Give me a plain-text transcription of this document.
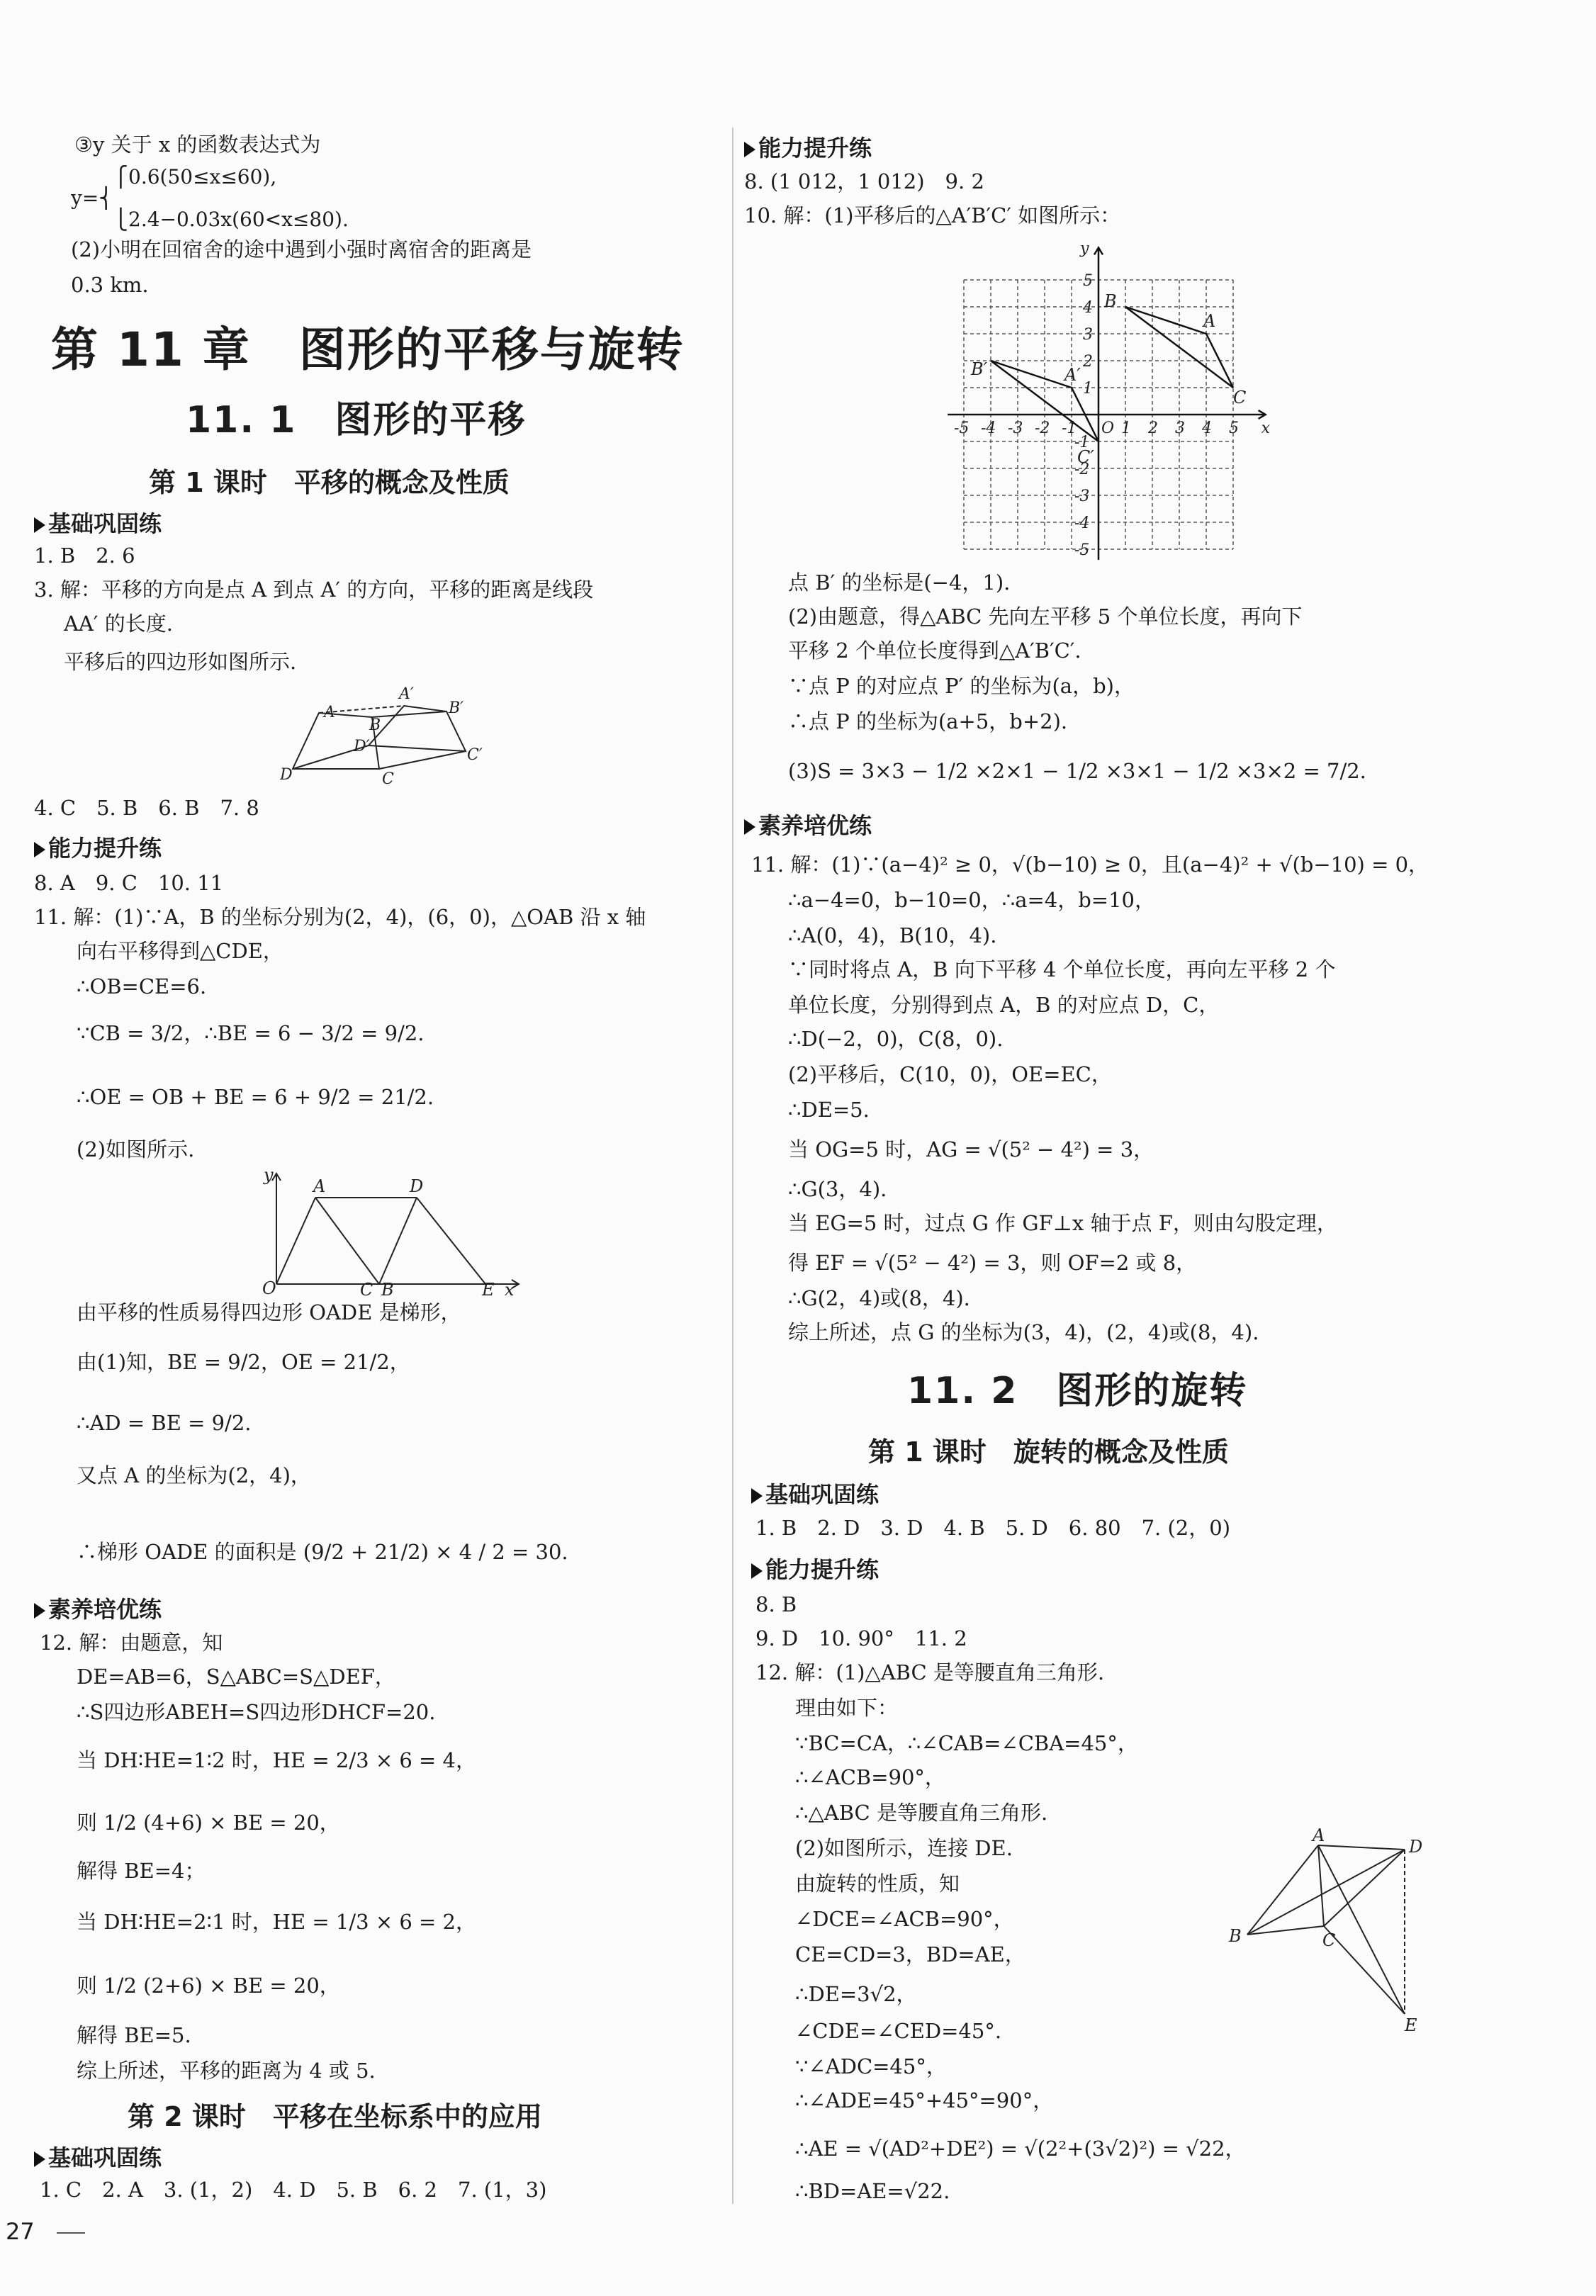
③y 关于 x 的函数表达式为
⎧0.6(50≤x≤60),
y=⎨
⎩2.4−0.03x(60<x≤80).
(2)小明在回宿舍的途中遇到小强时离宿舍的距离是
0.3 km.
第 11 章　图形的平移与旋转
11. 1　图形的平移
第 1 课时　平移的概念及性质
基础巩固练
1. B　2. 6
3. 解：平移的方向是点 A 到点 A′ 的方向，平移的距离是线段
AA′ 的长度.
平移后的四边形如图所示.
A′
A
B
B′
D
D′
C
C′
4. C　5. B　6. B　7. 8
能力提升练
8. A　9. C　10. 11
11. 解：(1)∵A，B 的坐标分别为(2，4)，(6，0)，△OAB 沿 x 轴
向右平移得到△CDE，
∴OB=CE=6.
∵CB = 3/2，∴BE = 6 − 3/2 = 9/2.
∴OE = OB + BE = 6 + 9/2 = 21/2.
(2)如图所示.
y
A	D
O	C B	E x
由平移的性质易得四边形 OADE 是梯形，
由(1)知，BE = 9/2，OE = 21/2，
∴AD = BE = 9/2.
又点 A 的坐标为(2，4)，
∴梯形 OADE 的面积是 (9/2 + 21/2) × 4 / 2 = 30.
素养培优练
12. 解：由题意，知
DE=AB=6，S△ABC=S△DEF，
∴S四边形ABEH=S四边形DHCF=20.
当 DH∶HE=1∶2 时，HE = 2/3 × 6 = 4，
则 1/2 (4+6) × BE = 20，
解得 BE=4；
当 DH∶HE=2∶1 时，HE = 1/3 × 6 = 2，
则 1/2 (2+6) × BE = 20，
解得 BE=5.
综上所述，平移的距离为 4 或 5.
第 2 课时　平移在坐标系中的应用
基础巩固练
1. C　2. A　3. (1，2)　4. D　5. B　6. 2　7. (1，3)
27
能力提升练
8. (1 012，1 012)　9. 2
10. 解：(1)平移后的△A′B′C′ 如图所示：
-5 -4 -3 -2 -1	1 2 3 4 5
5
4
3
2
1
-1
-2
-3
-4
-5
y
x
O
A
B
C
A′
B′
C′
点 B′ 的坐标是(−4，1).
(2)由题意，得△ABC 先向左平移 5 个单位长度，再向下
平移 2 个单位长度得到△A′B′C′.
∵点 P 的对应点 P′ 的坐标为(a，b)，
∴点 P 的坐标为(a+5，b+2).
(3)S = 3×3 − 1/2 ×2×1 − 1/2 ×3×1 − 1/2 ×3×2 = 7/2.
素养培优练
11. 解：(1)∵(a−4)² ≥ 0，√(b−10) ≥ 0，且(a−4)² + √(b−10) = 0，
∴a−4=0，b−10=0，∴a=4，b=10，
∴A(0，4)，B(10，4).
∵同时将点 A，B 向下平移 4 个单位长度，再向左平移 2 个
单位长度，分别得到点 A，B 的对应点 D，C，
∴D(−2，0)，C(8，0).
(2)平移后，C(10，0)，OE=EC，
∴DE=5.
当 OG=5 时，AG = √(5² − 4²) = 3，
∴G(3，4).
当 EG=5 时，过点 G 作 GF⊥x 轴于点 F，则由勾股定理，
得 EF = √(5² − 4²) = 3，则 OF=2 或 8，
∴G(2，4)或(8，4).
综上所述，点 G 的坐标为(3，4)，(2，4)或(8，4).
11. 2　图形的旋转
第 1 课时　旋转的概念及性质
基础巩固练
1. B　2. D　3. D　4. B　5. D　6. 80　7. (2，0)
能力提升练
8. B
9. D　10. 90°　11. 2
12. 解：(1)△ABC 是等腰直角三角形.
理由如下：
∵BC=CA，∴∠CAB=∠CBA=45°，
∴∠ACB=90°，
∴△ABC 是等腰直角三角形.
(2)如图所示，连接 DE.
由旋转的性质，知
∠DCE=∠ACB=90°，
CE=CD=3，BD=AE，
∴DE=3√2，
∠CDE=∠CED=45°.
∵∠ADC=45°，
∴∠ADE=45°+45°=90°，
∴AE = √(AD²+DE²) = √(2²+(3√2)²) = √22，
∴BD=AE=√22.
A
D
B	C
E
